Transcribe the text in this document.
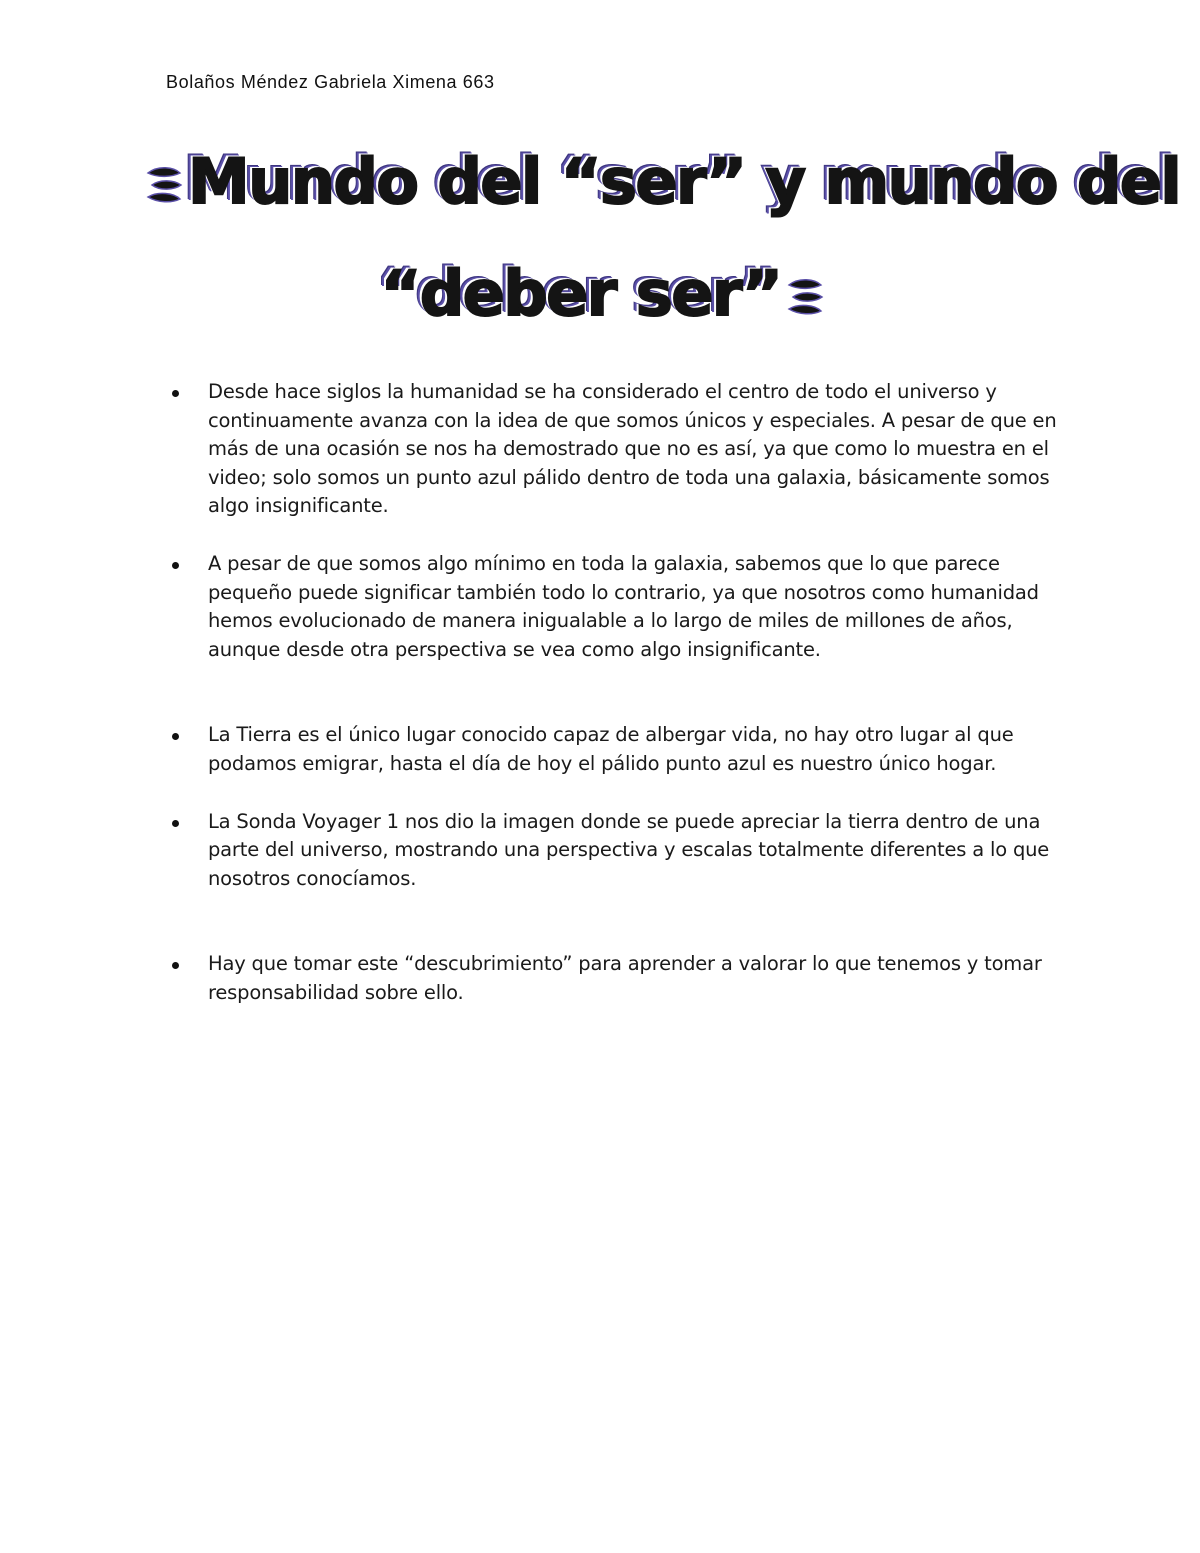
Bolaños Méndez Gabriela Ximena 663
Mundo del “ser” y mundo del
“deber ser”
Desde hace siglos la humanidad se ha considerado el centro de todo el universo y continuamente avanza con la idea de que somos únicos y especiales. A pesar de que en más de una ocasión se nos ha demostrado que no es así, ya que como lo muestra en el video; solo somos un punto azul pálido dentro de toda una galaxia, básicamente somos algo insignificante.
A pesar de que somos algo mínimo en toda la galaxia, sabemos que lo que parece pequeño puede significar también todo lo contrario, ya que nosotros como humanidad hemos evolucionado de manera inigualable a lo largo de miles de millones de años, aunque desde otra perspectiva se vea como algo insignificante.
La Tierra es el único lugar conocido capaz de albergar vida, no hay otro lugar al que podamos emigrar, hasta el día de hoy el pálido punto azul es nuestro único hogar.
La Sonda Voyager 1 nos dio la imagen donde se puede apreciar la tierra dentro de una parte del universo, mostrando una perspectiva y escalas totalmente diferentes a lo que nosotros conocíamos.
Hay que tomar este “descubrimiento” para aprender a valorar lo que tenemos y tomar responsabilidad sobre ello.
